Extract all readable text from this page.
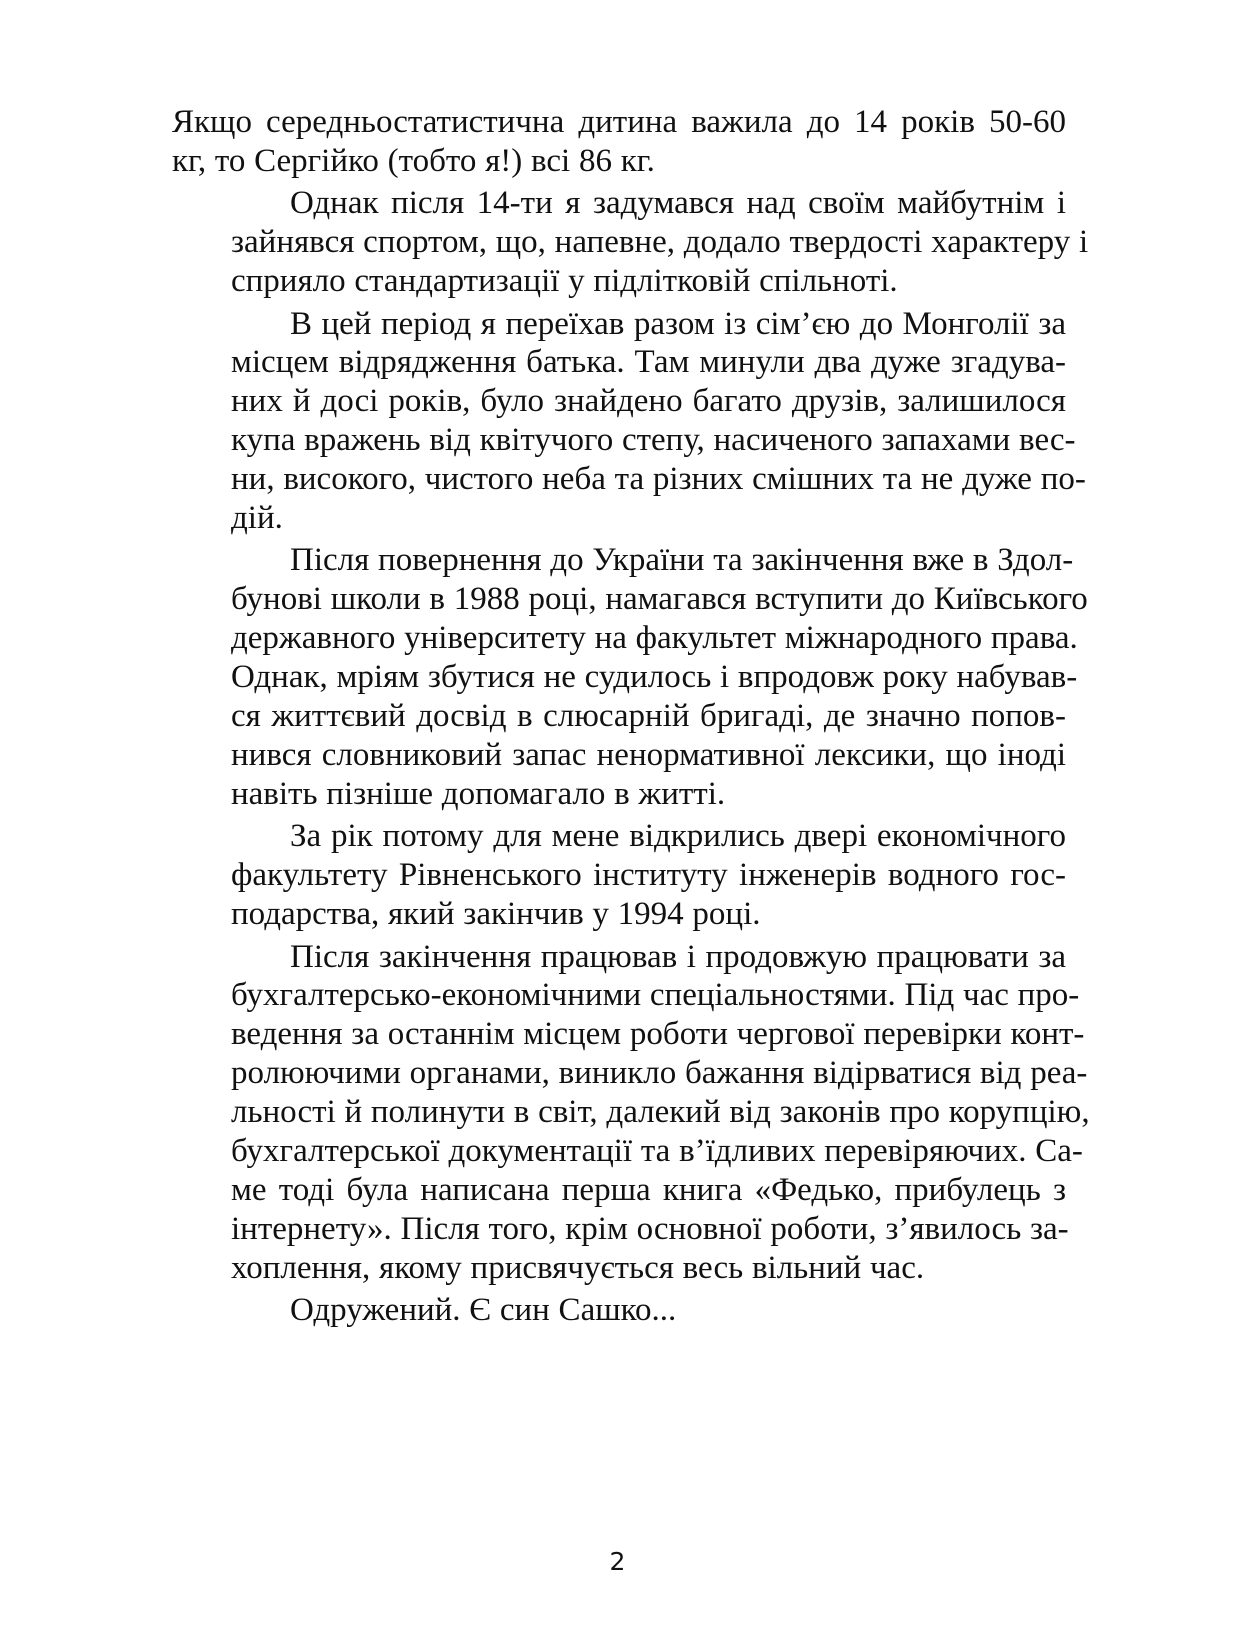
Якщо середньостатистична дитина важила до 14 років 50-60
кг, то Сергійко (тобто я!) всі 86 кг.

Однак після 14-ти я задумався над своїм майбутнім і
зайнявся спортом, що, напевне, додало твердості характеру і
сприяло стандартизації у підлітковій спільноті.

В цей період я переїхав разом із сім’єю до Монголії за
місцем відрядження батька. Там минули два дуже згадува-
них й досі років, було знайдено багато друзів, залишилося
купа вражень від квітучого степу, насиченого запахами вес-
ни, високого, чистого неба та різних смішних та не дуже по-
дій.

Після повернення до України та закінчення вже в Здол-
бунові школи в 1988 році, намагався вступити до Київського
державного університету на факультет міжнародного права.
Однак, мріям збутися не судилось і впродовж року набував-
ся життєвий досвід в слюсарній бригаді, де значно попов-
нився словниковий запас ненормативної лексики, що іноді
навіть пізніше допомагало в житті.

За рік потому для мене відкрились двері економічного
факультету Рівненського інституту інженерів водного гос-
подарства, який закінчив у 1994 році.

Після закінчення працював і продовжую працювати за
бухгалтерсько-економічними спеціальностями. Під час про-
ведення за останнім місцем роботи чергової перевірки конт-
ролюючими органами, виникло бажання відірватися від реа-
льності й полинути в світ, далекий від законів про корупцію,
бухгалтерської документації та в’їдливих перевіряючих. Са-
ме тоді була написана перша книга «Федько, прибулець з
інтернету». Після того, крім основної роботи, з’явилось за-
хоплення, якому присвячується весь вільний час.

Одружений. Є син Сашко...

2
